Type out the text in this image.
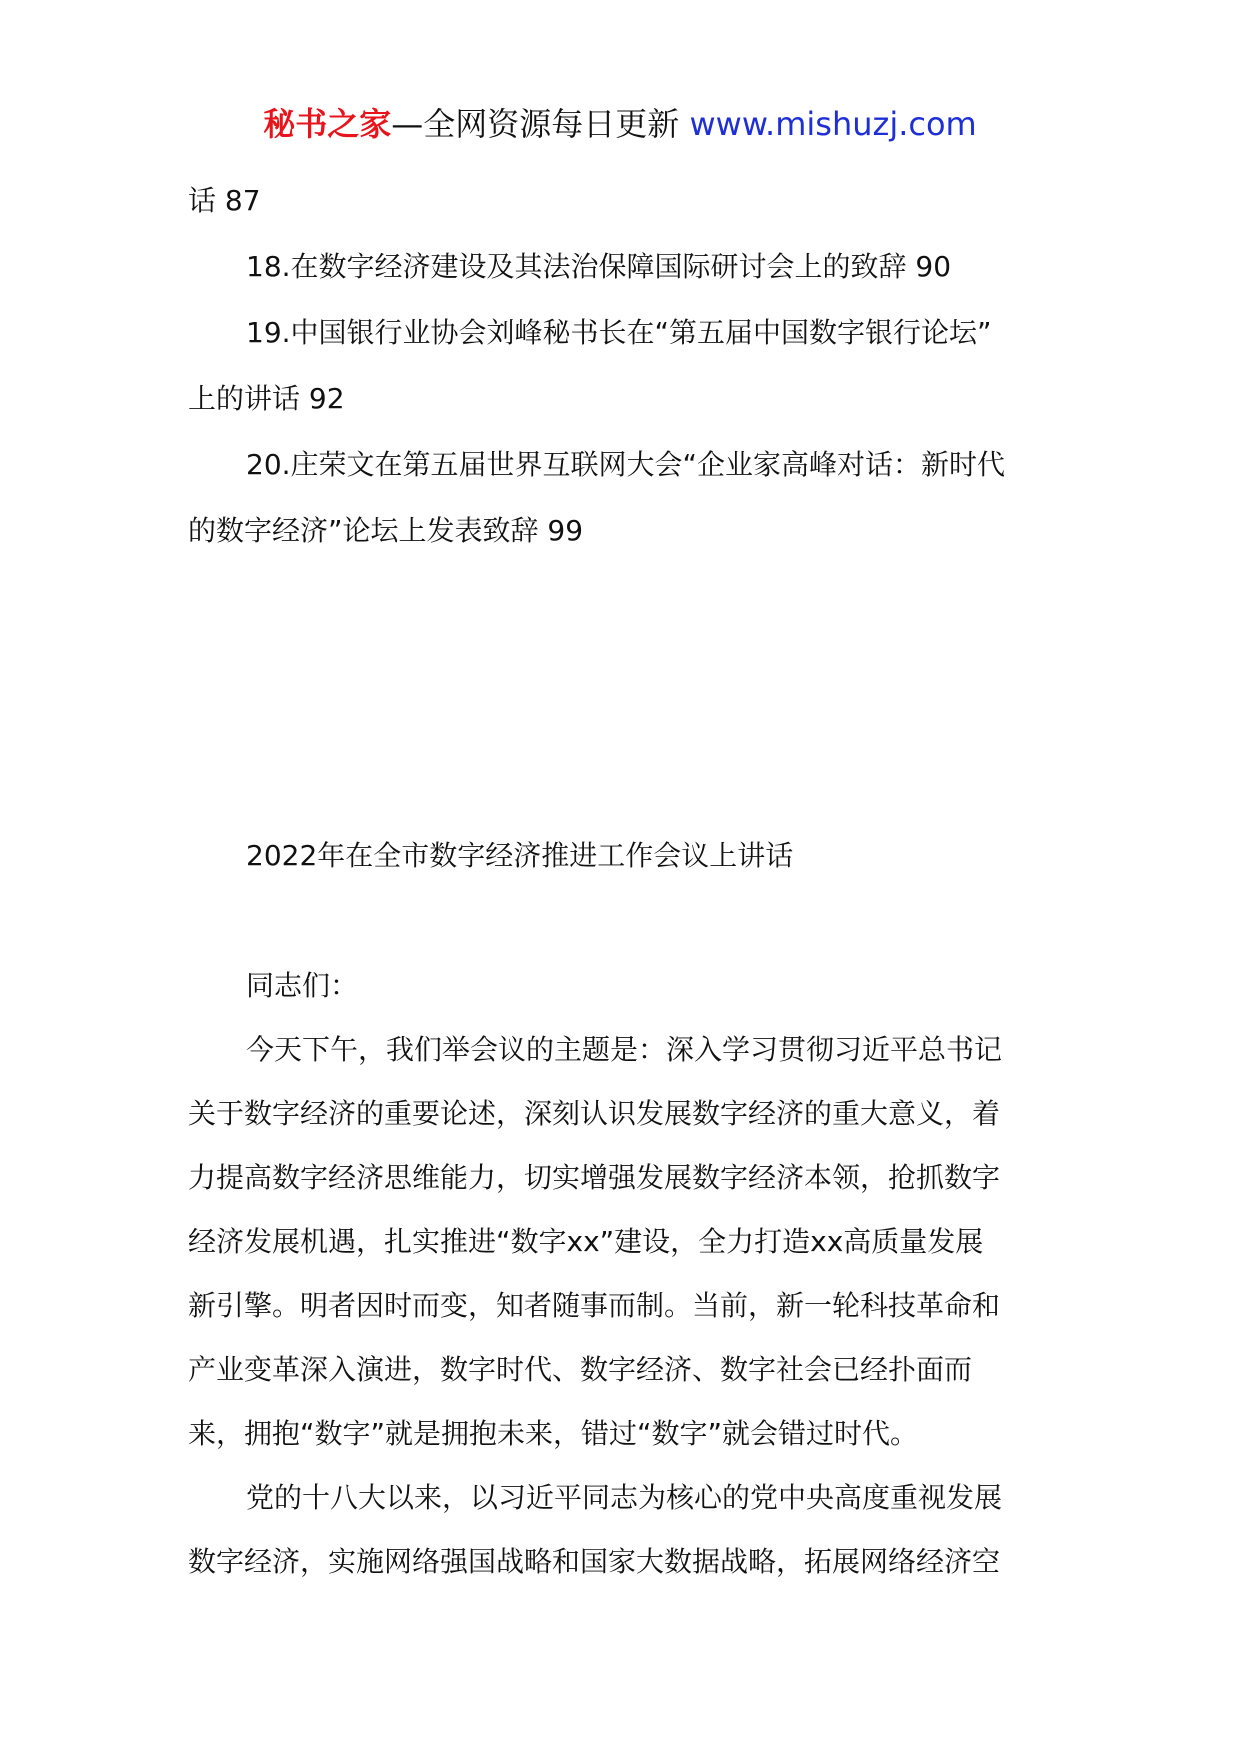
秘书之家—全网资源每日更新 www.mishuzj.com
话 87
18.在数字经济建设及其法治保障国际研讨会上的致辞 90
19.中国银行业协会刘峰秘书长在“第五届中国数字银行论坛”
上的讲话 92
20.庄荣文在第五届世界互联网大会“企业家高峰对话：新时代
的数字经济”论坛上发表致辞 99
2022年在全市数字经济推进工作会议上讲话
同志们：
今天下午，我们举会议的主题是：深入学习贯彻习近平总书记
关于数字经济的重要论述，深刻认识发展数字经济的重大意义，着
力提高数字经济思维能力，切实增强发展数字经济本领，抢抓数字
经济发展机遇，扎实推进“数字xx”建设，全力打造xx高质量发展
新引擎。明者因时而变，知者随事而制。当前，新一轮科技革命和
产业变革深入演进，数字时代、数字经济、数字社会已经扑面而
来，拥抱“数字”就是拥抱未来，错过“数字”就会错过时代。
党的十八大以来，以习近平同志为核心的党中央高度重视发展
数字经济，实施网络强国战略和国家大数据战略，拓展网络经济空
